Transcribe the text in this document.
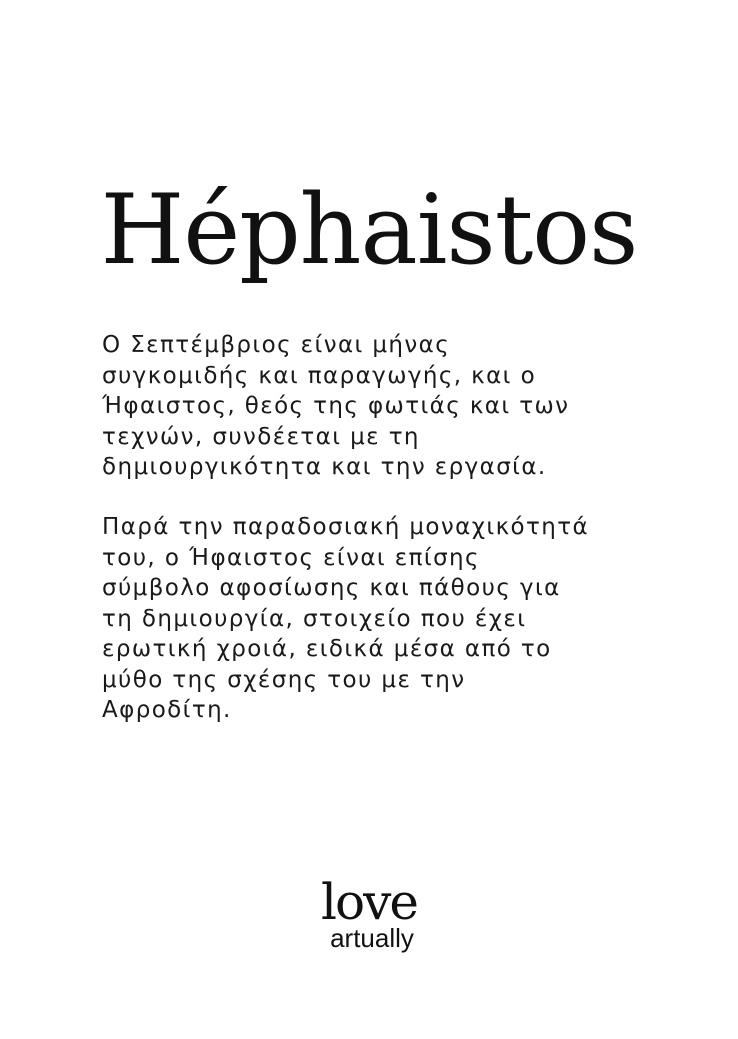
Héphaistos

Ο Σεπτέμβριος είναι μήνας
συγκομιδής και παραγωγής, και ο
Ήφαιστος, θεός της φωτιάς και των
τεχνών, συνδέεται με τη
δημιουργικότητα και την εργασία.

Παρά την παραδοσιακή μοναχικότητά
του, ο Ήφαιστος είναι επίσης
σύμβολο αφοσίωσης και πάθους για
τη δημιουργία, στοιχείο που έχει
ερωτική χροιά, ειδικά μέσα από το
μύθο της σχέσης του με την
Αφροδίτη.

love
artually
